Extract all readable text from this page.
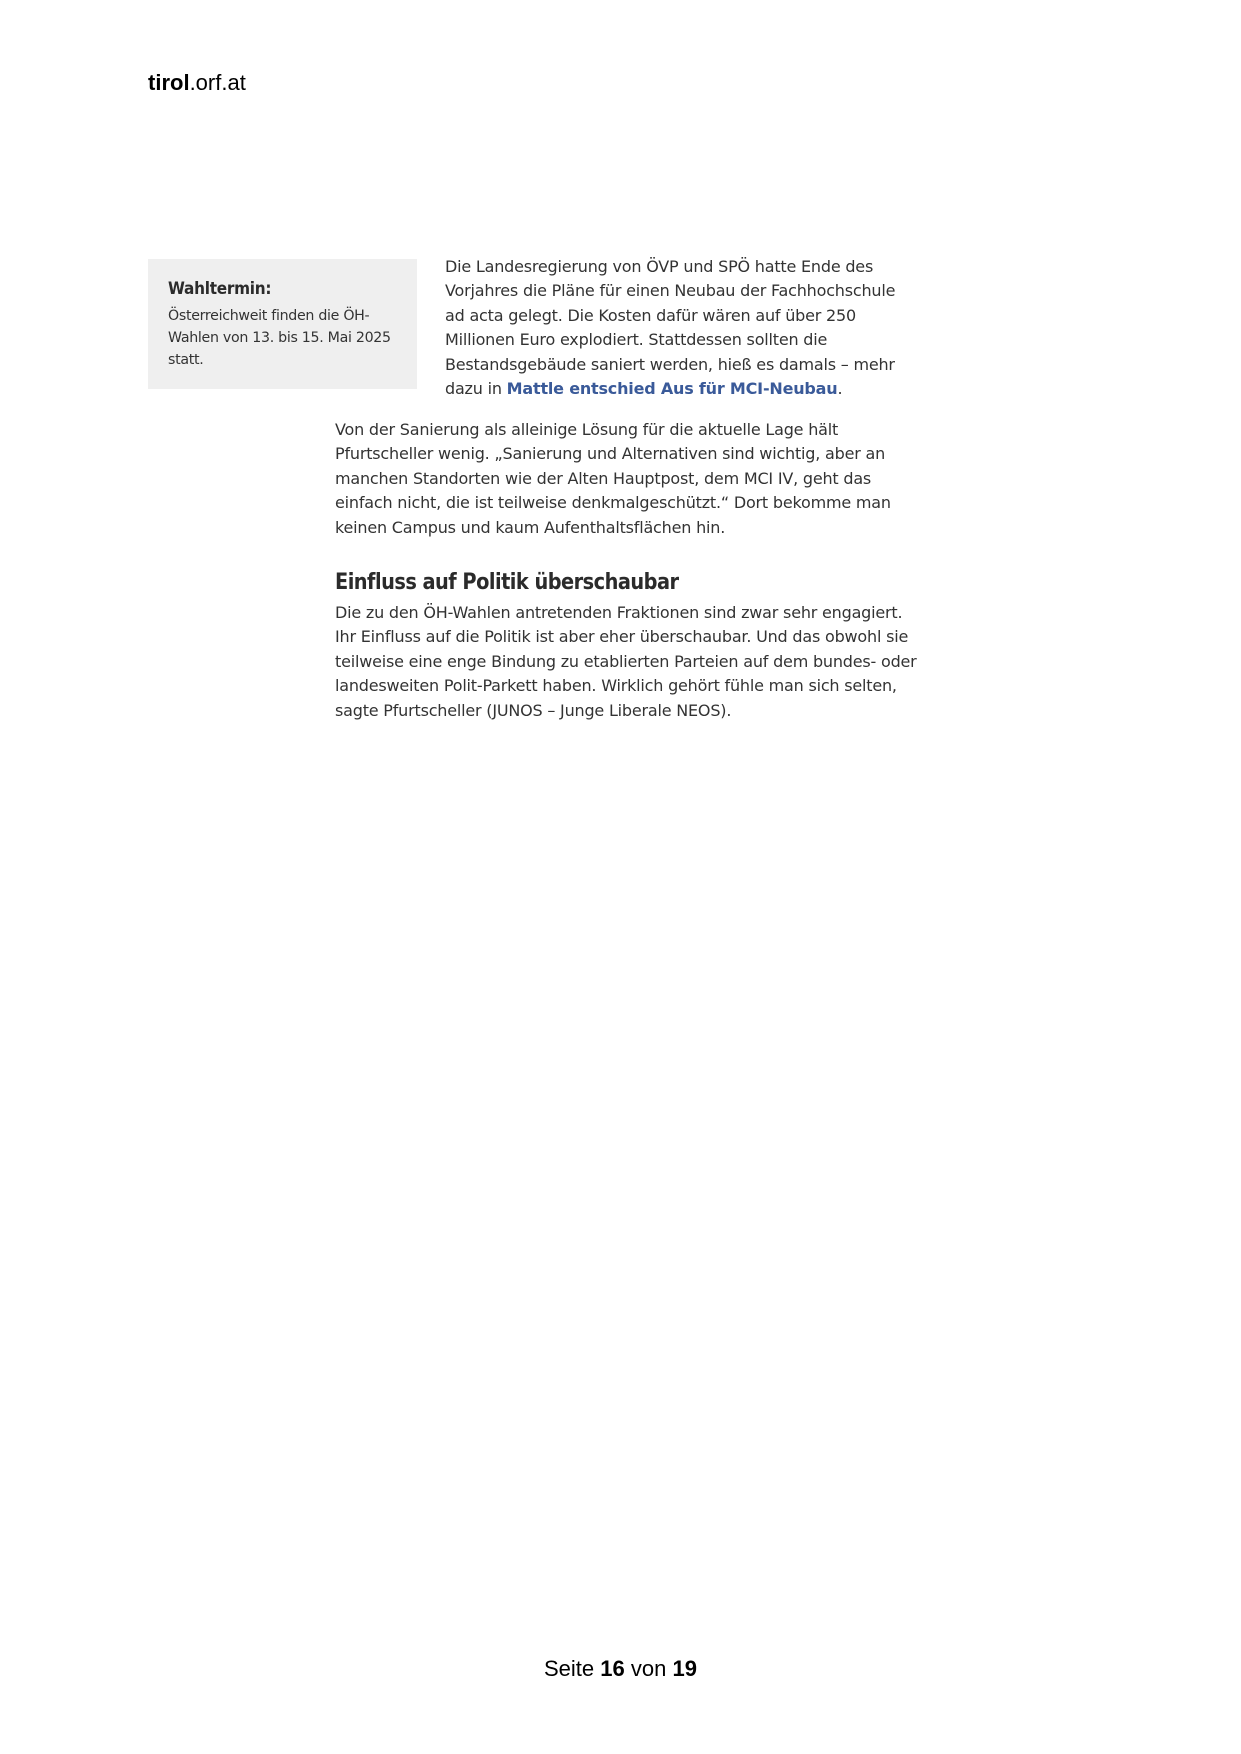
tirol.orf.at

Wahltermin:

Österreichweit finden die ÖH-Wahlen von 13. bis 15. Mai 2025 statt.

Die Landesregierung von ÖVP und SPÖ hatte Ende des Vorjahres die Pläne für einen Neubau der Fachhochschule ad acta gelegt. Die Kosten dafür wären auf über 250 Millionen Euro explodiert. Stattdessen sollten die Bestandsgebäude saniert werden, hieß es damals – mehr dazu in Mattle entschied Aus für MCI-Neubau.

Von der Sanierung als alleinige Lösung für die aktuelle Lage hält Pfurtscheller wenig. „Sanierung und Alternativen sind wichtig, aber an manchen Standorten wie der Alten Hauptpost, dem MCI IV, geht das einfach nicht, die ist teilweise denkmalgeschützt.“ Dort bekomme man keinen Campus und kaum Aufenthaltsflächen hin.

Einfluss auf Politik überschaubar

Die zu den ÖH-Wahlen antretenden Fraktionen sind zwar sehr engagiert. Ihr Einfluss auf die Politik ist aber eher überschaubar. Und das obwohl sie teilweise eine enge Bindung zu etablierten Parteien auf dem bundes- oder landesweiten Polit-Parkett haben. Wirklich gehört fühle man sich selten, sagte Pfurtscheller (JUNOS – Junge Liberale NEOS).

Seite 16 von 19
